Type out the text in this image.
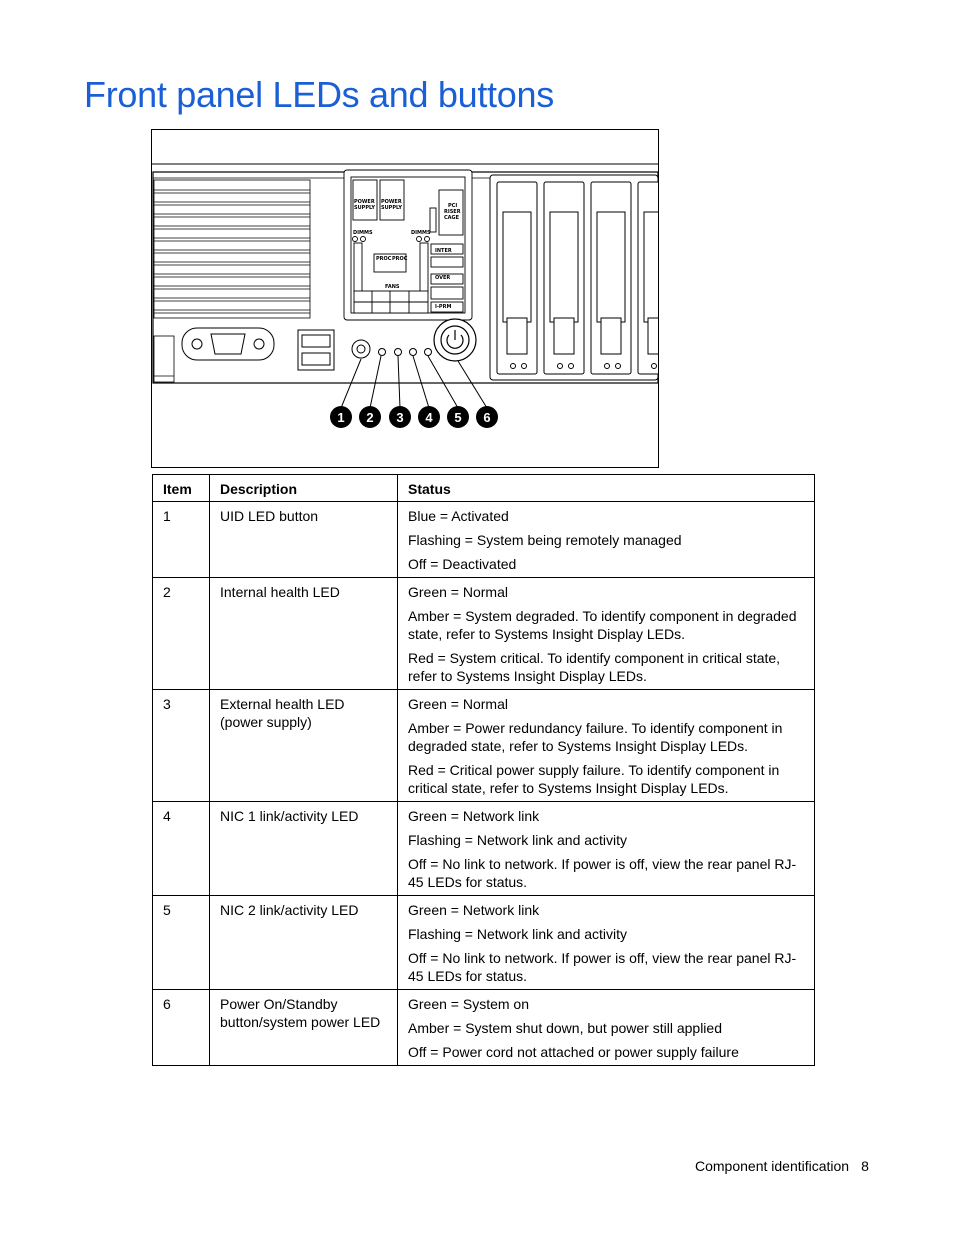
Front panel LEDs and buttons
POWER
SUPPLY
POWER
SUPPLY	PCI
RISER
CAGE
DIMMS	DIMMS
PROC PROC
FANS
INTER
OVER
I-PRM
1 2 3 4 5 6
Item	Description	Status
1	UID LED button	Blue = Activated

Flashing = System being remotely managed

Off = Deactivated

2	Internal health LED	Green = Normal

Amber = System degraded. To identify component in degraded state, refer to Systems Insight Display LEDs.

Red = System critical. To identify component in critical state, refer to Systems Insight Display LEDs.

3	External health LED (power supply)	Green = Normal

Amber = Power redundancy failure. To identify component in degraded state, refer to Systems Insight Display LEDs.

Red = Critical power supply failure. To identify component in critical state, refer to Systems Insight Display LEDs.

4	NIC 1 link/activity LED	Green = Network link

Flashing = Network link and activity

Off = No link to network. If power is off, view the rear panel RJ-45 LEDs for status.

5	NIC 2 link/activity LED	Green = Network link

Flashing = Network link and activity

Off = No link to network. If power is off, view the rear panel RJ-45 LEDs for status.

6	Power On/Standby button/system power LED	Green = System on

Amber = System shut down, but power still applied

Off = Power cord not attached or power supply failure

Component identification 8
